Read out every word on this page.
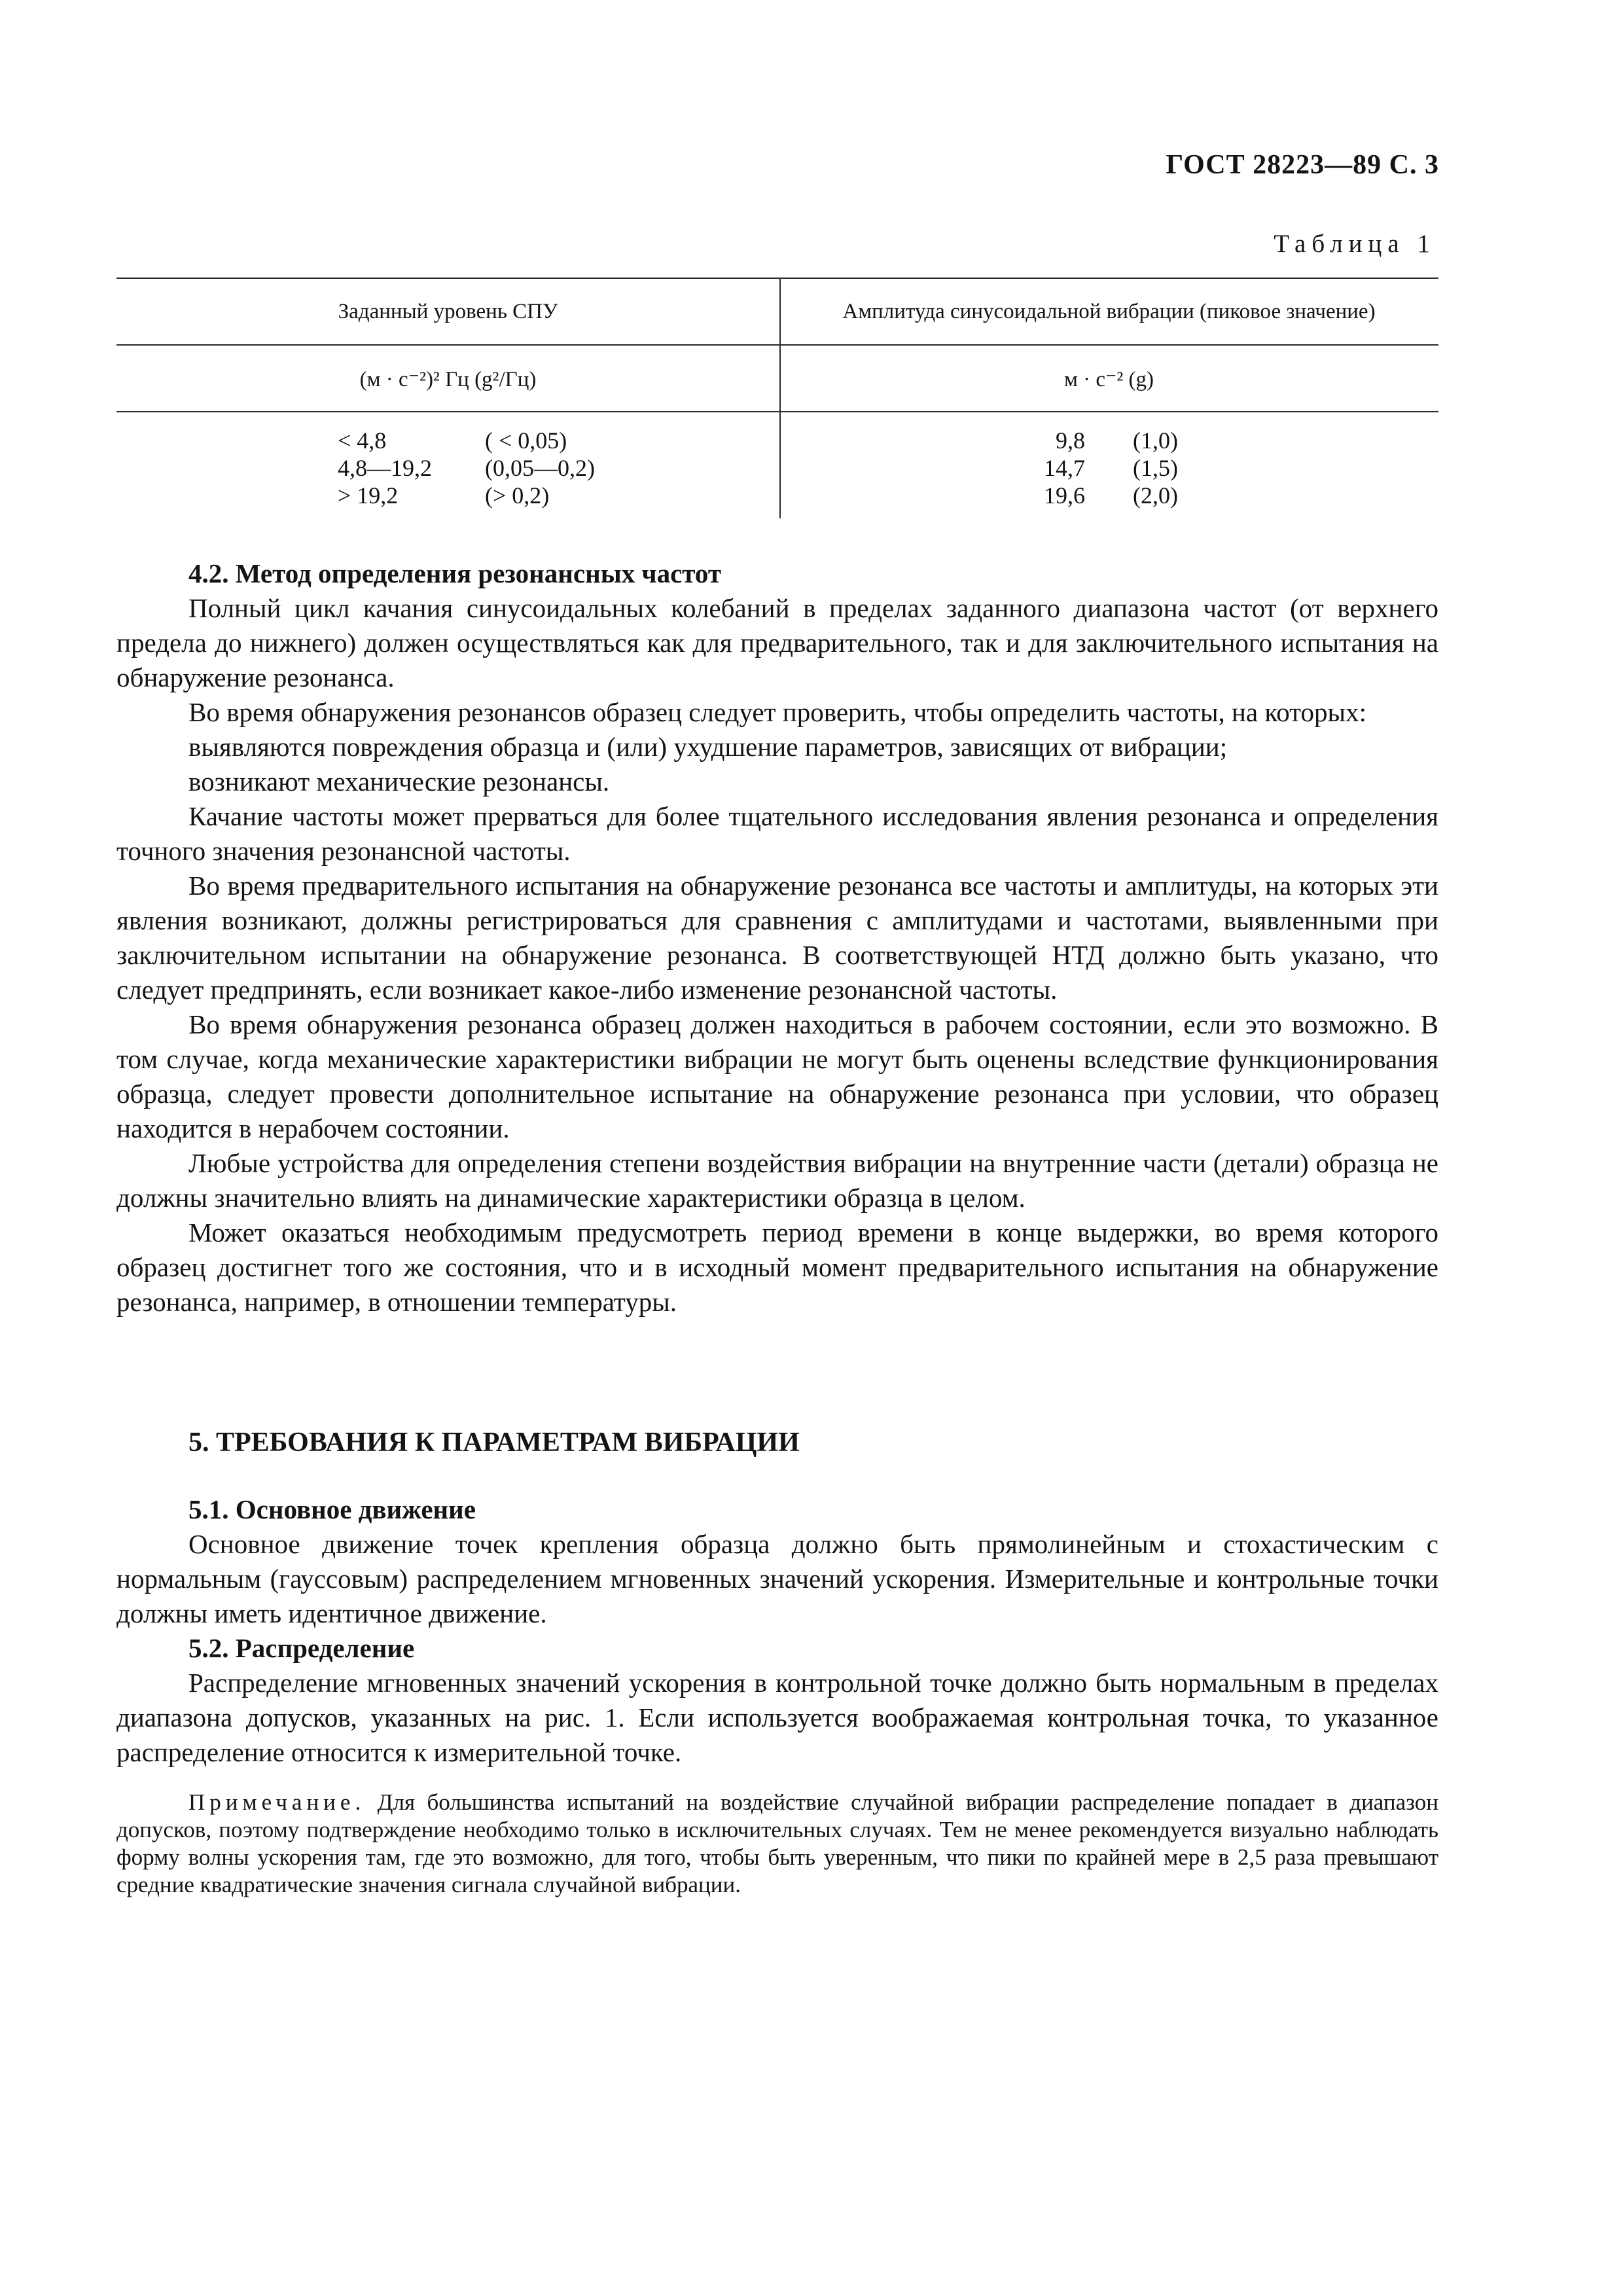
ГОСТ 28223—89 С. 3
Таблица 1
Заданный уровень СПУ	Амплитуда синусоидальной вибрации (пиковое значение)
(м · с⁻²)² Гц (g²/Гц)	м · с⁻² (g)
< 4,8	( < 0,05)	9,8 (1,0)
4,8—19,2 (0,05—0,2)	14,7 (1,5)
> 19,2	(> 0,2)	19,6 (2,0)

4.2. Метод определения резонансных частот

Полный цикл качания синусоидальных колебаний в пределах заданного диапазона частот (от верхнего предела до нижнего) должен осуществляться как для предварительного, так и для заключительного испытания на обнаружение резонанса.

Во время обнаружения резонансов образец следует проверить, чтобы определить частоты, на которых:

выявляются повреждения образца и (или) ухудшение параметров, зависящих от вибрации;

возникают механические резонансы.

Качание частоты может прерваться для более тщательного исследования явления резонанса и определения точного значения резонансной частоты.

Во время предварительного испытания на обнаружение резонанса все частоты и амплитуды, на которых эти явления возникают, должны регистрироваться для сравнения с амплитудами и частотами, выявленными при заключительном испытании на обнаружение резонанса. В соответствующей НТД должно быть указано, что следует предпринять, если возникает какое-либо изменение резонансной частоты.

Во время обнаружения резонанса образец должен находиться в рабочем состоянии, если это возможно. В том случае, когда механические характеристики вибрации не могут быть оценены вследствие функционирования образца, следует провести дополнительное испытание на обнаружение резонанса при условии, что образец находится в нерабочем состоянии.

Любые устройства для определения степени воздействия вибрации на внутренние части (детали) образца не должны значительно влиять на динамические характеристики образца в целом.

Может оказаться необходимым предусмотреть период времени в конце выдержки, во время которого образец достигнет того же состояния, что и в исходный момент предварительного испытания на обнаружение резонанса, например, в отношении температуры.

5. ТРЕБОВАНИЯ К ПАРАМЕТРАМ ВИБРАЦИИ

5.1. Основное движение

Основное движение точек крепления образца должно быть прямолинейным и стохастическим с нормальным (гауссовым) распределением мгновенных значений ускорения. Измерительные и контрольные точки должны иметь идентичное движение.

5.2. Распределение

Распределение мгновенных значений ускорения в контрольной точке должно быть нормальным в пределах диапазона допусков, указанных на рис. 1. Если используется воображаемая контрольная точка, то указанное распределение относится к измерительной точке.

Примечание. Для большинства испытаний на воздействие случайной вибрации распределение попадает в диапазон допусков, поэтому подтверждение необходимо только в исключительных случаях. Тем не менее рекомендуется визуально наблюдать форму волны ускорения там, где это возможно, для того, чтобы быть уверенным, что пики по крайней мере в 2,5 раза превышают средние квадратические значения сигнала случайной вибрации.
